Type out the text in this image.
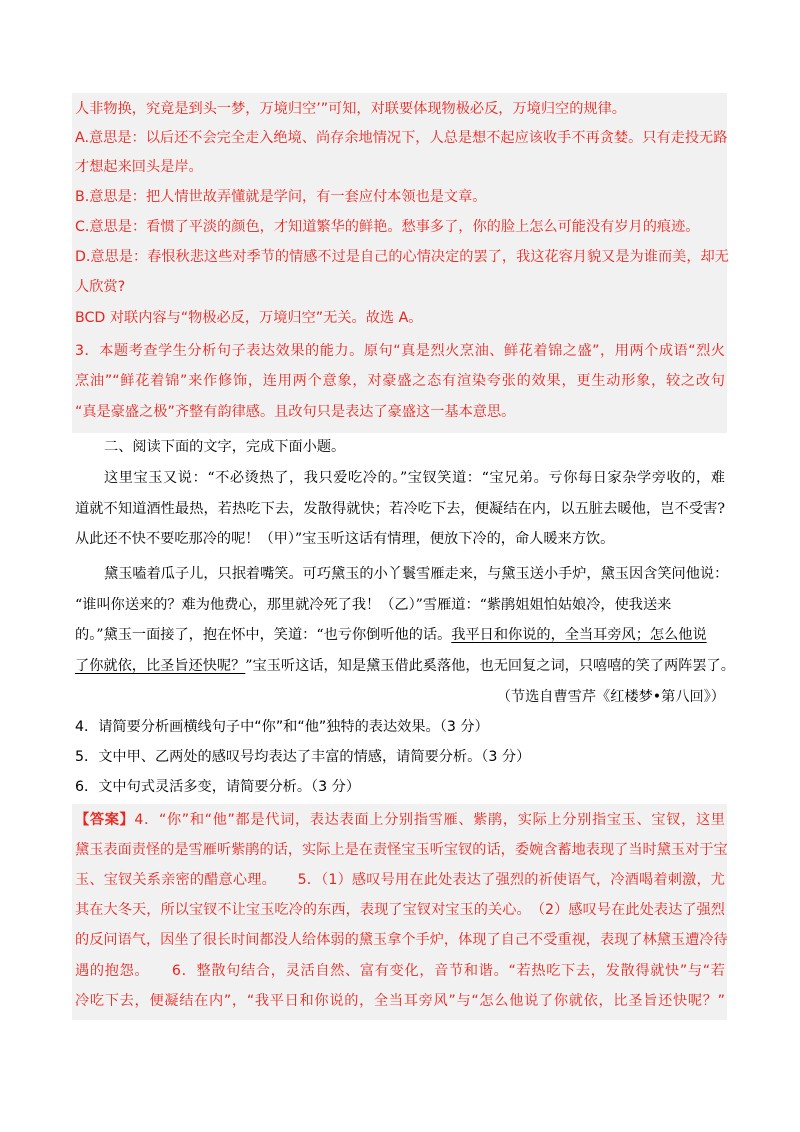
人非物换，究竟是到头一梦，万境归空’”可知，对联要体现物极必反，万境归空的规律。
A.意思是：以后还不会完全走入绝境、尚存余地情况下，人总是想不起应该收手不再贪婪。只有走投无路
才想起来回头是岸。
B.意思是：把人情世故弄懂就是学问，有一套应付本领也是文章。
C.意思是：看惯了平淡的颜色，才知道繁华的鲜艳。愁事多了，你的脸上怎么可能没有岁月的痕迹。
D.意思是：春恨秋悲这些对季节的情感不过是自己的心情决定的罢了，我这花容月貌又是为谁而美，却无
人欣赏?
BCD 对联内容与“物极必反，万境归空”无关。故选 A。
3．本题考查学生分析句子表达效果的能力。原句“真是烈火烹油、鲜花着锦之盛”，用两个成语“烈火
烹油”“鲜花着锦”来作修饰，连用两个意象，对豪盛之态有渲染夸张的效果，更生动形象，较之改句
“真是豪盛之极”齐整有韵律感。且改句只是表达了豪盛这一基本意思。
二、阅读下面的文字，完成下面小题。
这里宝玉又说：“不必烫热了，我只爱吃冷的。”宝钗笑道：“宝兄弟。亏你每日家杂学旁收的，难
道就不知道酒性最热，若热吃下去，发散得就快；若冷吃下去，便凝结在内，以五脏去暖他，岂不受害?
从此还不快不要吃那冷的呢！（甲）”宝玉听这话有情理，便放下冷的，命人暖来方饮。
黛玉嗑着瓜子儿，只抿着嘴笑。可巧黛玉的小丫鬟雪雁走来，与黛玉送小手炉，黛玉因含笑问他说：
“谁叫你送来的？难为他费心，那里就冷死了我！（乙）”雪雁道：“紫鹃姐姐怕姑娘冷，使我送来
的。”黛玉一面接了，抱在怀中，笑道：“也亏你倒听他的话。我平日和你说的，全当耳旁风；怎么他说
了你就依，比圣旨还快呢？”宝玉听这话，知是黛玉借此奚落他，也无回复之词，只嘻嘻的笑了两阵罢了。
（节选自曹雪芹《红楼梦•第八回》）
4．请简要分析画横线句子中“你”和“他”独特的表达效果。（3 分）
5．文中甲、乙两处的感叹号均表达了丰富的情感，请简要分析。（3 分）
6．文中句式灵活多变，请简要分析。（3 分）
【答案】4．“你”和“他”都是代词，表达表面上分别指雪雁、紫鹃，实际上分别指宝玉、宝钗，这里
黛玉表面责怪的是雪雁听紫鹃的话，实际上是在责怪宝玉听宝钗的话，委婉含蓄地表现了当时黛玉对于宝
玉、宝钗关系亲密的醋意心理。　　5．（1）感叹号用在此处表达了强烈的祈使语气，冷酒喝着刺激，尤
其在大冬天，所以宝钗不让宝玉吃冷的东西，表现了宝钗对宝玉的关心。　（2）感叹号在此处表达了强烈
的反问语气，因坐了很长时间都没人给体弱的黛玉拿个手炉，体现了自己不受重视，表现了林黛玉遭冷待
遇的抱怨。　　6．整散句结合，灵活自然、富有变化，音节和谐。“若热吃下去，发散得就快”与“若
冷吃下去，便凝结在内”，“我平日和你说的，全当耳旁风”与“怎么他说了你就依，比圣旨还快呢？”
